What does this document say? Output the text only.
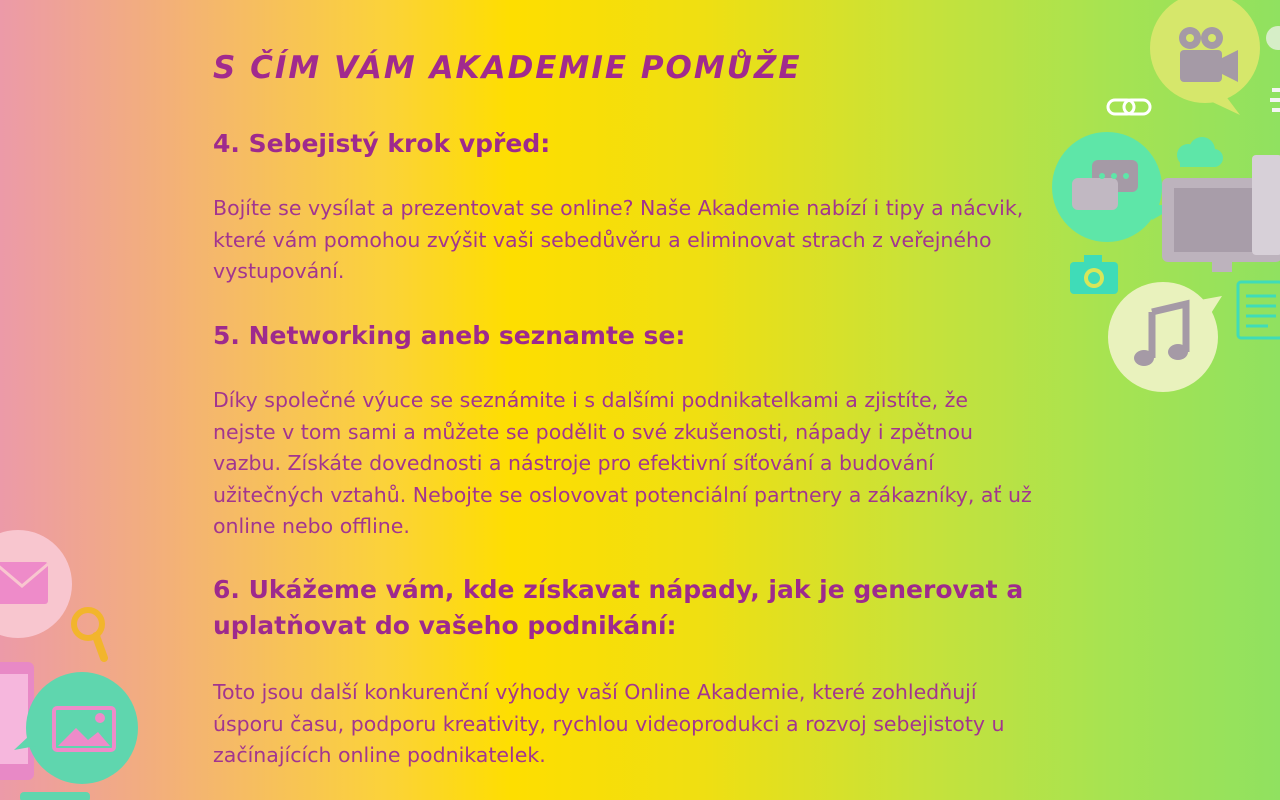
S ČÍM VÁM AKADEMIE POMŮŽE
4. Sebejistý krok vpřed:

Bojíte se vysílat a prezentovat se online? Naše Akademie nabízí i tipy a nácvik, které vám pomohou zvýšit vaši sebedůvěru a eliminovat strach z veřejného vystupování.

5. Networking aneb seznamte se:

Díky společné výuce se seznámite i s dalšími podnikatelkami a zjistíte, že nejste v tom sami a můžete se podělit o své zkušenosti, nápady i zpětnou vazbu. Získáte dovednosti a nástroje pro efektivní síťování a budování užitečných vztahů. Nebojte se oslovovat potenciální partnery a zákazníky, ať už online nebo offline.

6. Ukážeme vám, kde získavat nápady, jak je generovat a uplatňovat do vašeho podnikání:

Toto jsou další konkurenční výhody vaší Online Akademie, které zohledňují úsporu času, podporu kreativity, rychlou videoprodukci a rozvoj sebejistoty u začínajících online podnikatelek.
